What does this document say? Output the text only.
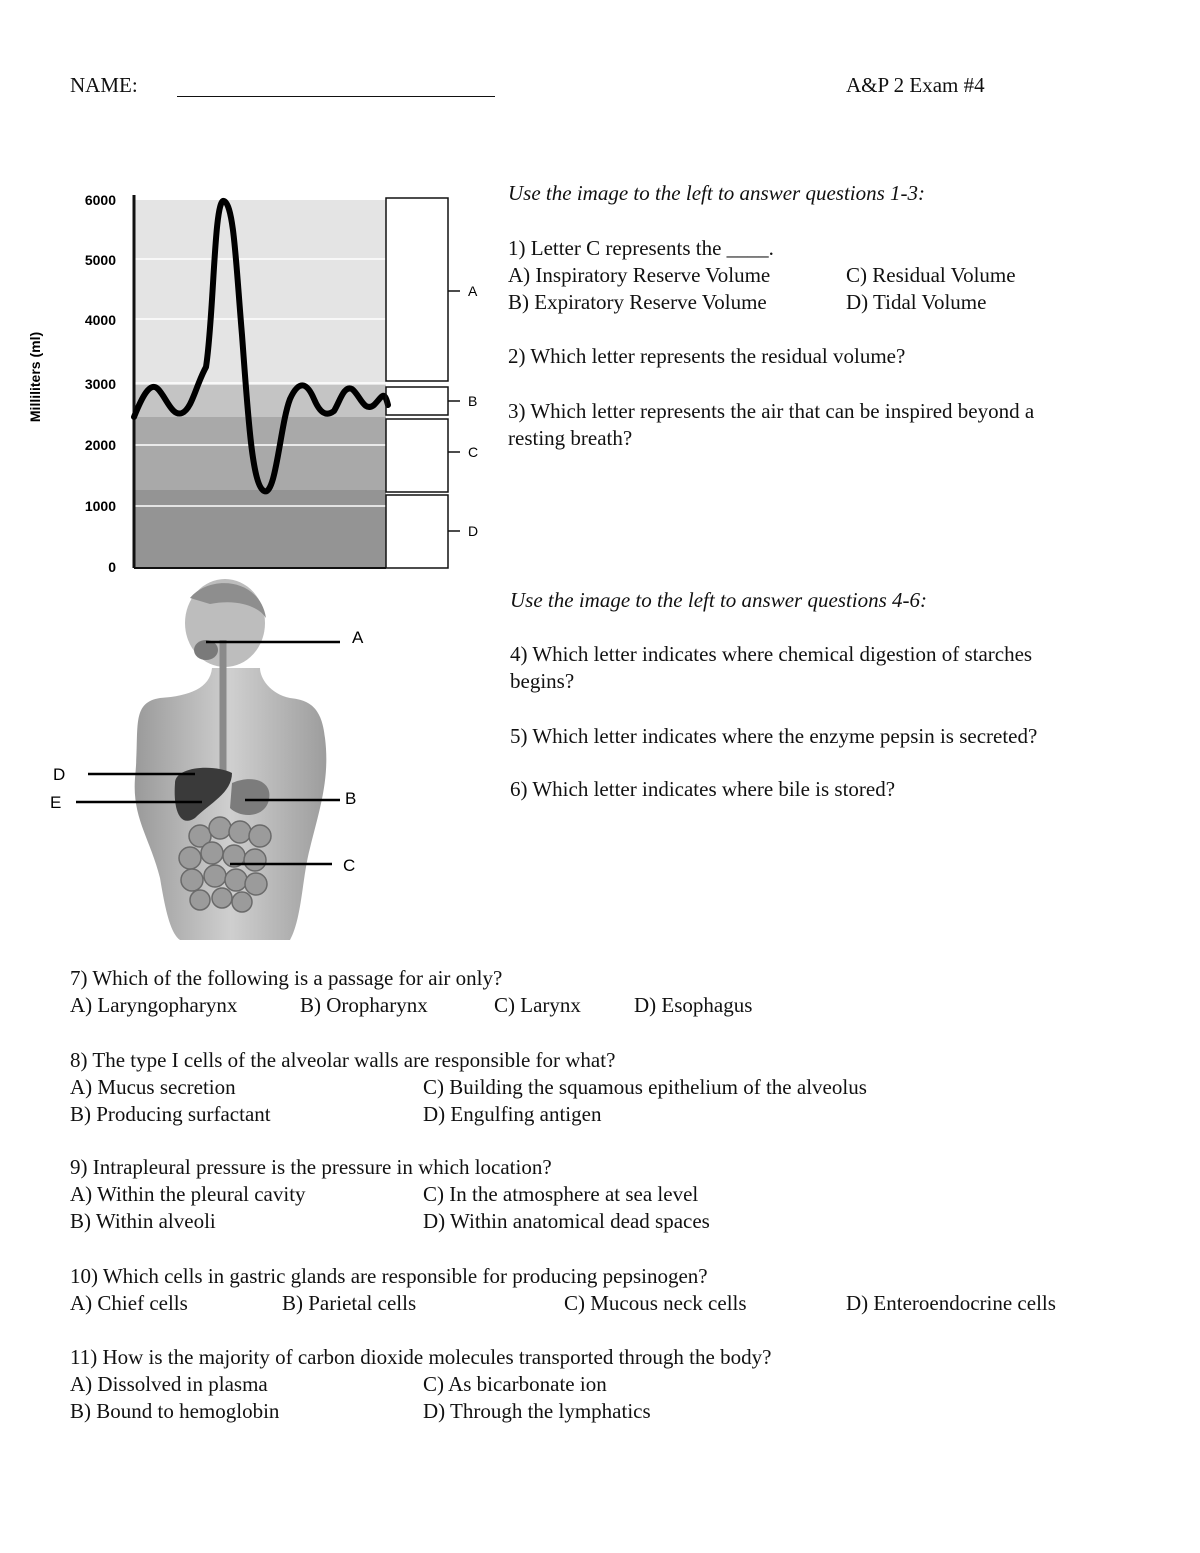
NAME:	A&P 2 Exam #4
6000
5000
4000
3000
2000
1000
0
Milliliters (ml)
A
B
C
D
A
B
C
D
E
Use the image to the left to answer questions 1-3:
1) Letter C represents the ____.
A) Inspiratory Reserve Volume
B) Expiratory Reserve Volume
C) Residual Volume
D) Tidal Volume
2) Which letter represents the residual volume?
3) Which letter represents the air that can be inspired beyond a
resting breath?
Use the image to the left to answer questions 4-6:
4) Which letter indicates where chemical digestion of starches
begins?
5) Which letter indicates where the enzyme pepsin is secreted?
6) Which letter indicates where bile is stored?
7) Which of the following is a passage for air only?
A) Laryngopharynx	B) Oropharynx	C) Larynx	D) Esophagus
8) The type I cells of the alveolar walls are responsible for what?
A) Mucus secretion
B) Producing surfactant
C) Building the squamous epithelium of the alveolus
D) Engulfing antigen
9) Intrapleural pressure is the pressure in which location?
A) Within the pleural cavity
B) Within alveoli
C) In the atmosphere at sea level
D) Within anatomical dead spaces
10) Which cells in gastric glands are responsible for producing pepsinogen?
A) Chief cells	B) Parietal cells	C) Mucous neck cells	D) Enteroendocrine cells
11) How is the majority of carbon dioxide molecules transported through the body?
A) Dissolved in plasma
B) Bound to hemoglobin
C) As bicarbonate ion
D) Through the lymphatics
